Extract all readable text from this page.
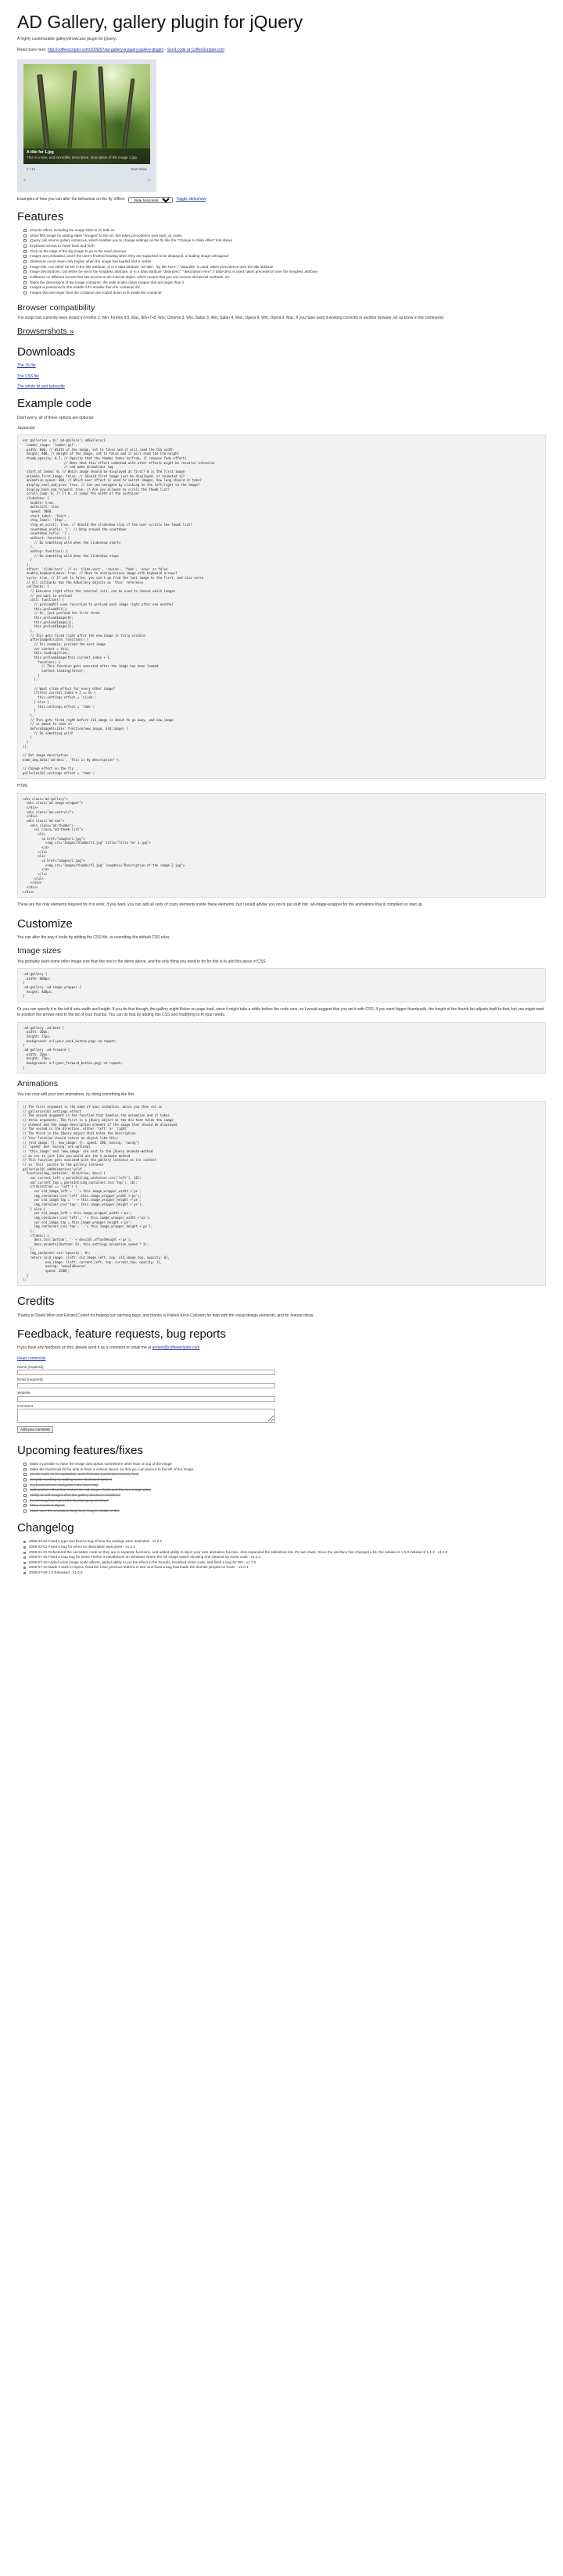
AD Gallery, gallery plugin for jQuery

A highly customizable gallery/showcase plugin for jQuery.

Read more here: http://coffeescripter.com/2009/07/ad-gallery-a-jquery-gallery-plugin/ - Send code at CoffeeScripter.com

A title for 1.jpg
This is a nice, and incredibly descriptive, description of the image 1.jpg
1 / 16	Start Slide
«	»
Examples of how you can alter the behaviour on the fly: Effect:
Slide horizontal	Toggle slideshow
Features
Choose effect, including the image slide to on hide in!
Show fifth image by adding slash "/images" to the url, this takes precedence over start_at_index
jQuery call returns gallery instances, which enables you to change settings on the fly like the "Change to Slide effect" link above
Keyboard arrows to move back and forth
Click on the edge of the big image to go to the next/ previous
Images are preloaded, and if the user's finished loading when they are supposed to be displayed, a loading image will appear
Slideshow count-down only begins when the image has loaded and is visible
Image title, can either be set in the title attribute, or in a data attribute "ad-title", "by title here" / "data-title" is used, takes precedence over the title attribute
Image descriptions, can either be set in the longdesc attribute, or in a data attribute "data-desc", "description here"; if data-desc is used, takes precedence over the longdesc attribute
Callbacks on different events that has access to the internal object, which means that you can access all internal methods, etc
Takes the dimensions of the image container: the wide scales down images that are larger than it
Images is positioned in the middle if it's smaller than the container div
Images that are larger than the container are scaled down to fit inside the container
Browser compatibility

The script has currently been tested in Firefox 3, Win, Firefox 3.5, Mac, IE6+7+8, Win, Chrome 3, Win, Safari 3, Win, Safari 4, Mac, Opera 9, Win, Opera 9, Mac. If you have used it working correctly in another browser, let us know in the comments!

Browsershots »
Downloads

The JS file

The CSS file

The whole kit and kaboodle

Example code

Don't worry, all of these options are optional.

Javascript

var galleries = $('.ad-gallery').adGallery({
loader_image: 'loader.gif',
width: 600, // Width of the image, set to false and it will read the CSS width
height: 400, // Height of the image, set to false and it will read the CSS height
thumb_opacity: 0.7, // Opacity that the thumbs fades to/from, (1 removes fade effect)
// Note that this effect combined with other effects might be resource intensive
// and make animations lag
start_at_index: 0, // Which image should be displayed at first? 0 is the first image
animate_first_image: false, // Should first image just be displayed, or animated in?
animation_speed: 400, // Which ever effect is used to switch images, how long should it take?
display_next_and_prev: true, // Can you navigate by clicking on the left/right on the image?
display_back_and_forward: true, // Are you allowed to scroll the thumb list?
scroll_jump: 0, // If 0, it jumps the width of the container
slideshow: {
enable: true,
autostart: true,
speed: 5000,
start_label: 'Start',
stop_label: 'Stop',
stop_on_scroll: true, // Should the slideshow stop if the user scrolls the thumb list?
countdown_prefix: '(', // Wrap around the countdown
countdown_sufix: ')',
onStart: function() {
// Do something wild when the slideshow starts
},
onStop: function() {
// Do something wild when the slideshow stops
}
},
effect: 'slide-hori', // or 'slide-vert', 'resize', 'fade', 'none' or false
enable_keyboard_move: true, // Move to next/previous image with keyboard arrows?
cycle: true, // If set to false, you can't go from the last image to the first, and vice versa
// All callbacks has the AdGallery objects as 'this' reference
callbacks: {
// Executes right after the internal init, can be used to choose which images
// you want to preload
init: function() {
// preloadAll uses recursion to preload each image right after one another
this.preloadAll();
// Or, just preload the first three
this.preloadImage(0);
this.preloadImage(1);
this.preloadImage(2);
},
// This gets fired right after the new_image is fully visible
afterImageVisible: function() {
// For example, preload the next image
var context = this;
this.loading(true);
this.preloadImage(this.current_index + 1,
function() {
// This function gets executed after the image has been loaded
context.loading(false);
}
);

// Want slide effect for every other image?
if(this.current_index % 2 == 0) {
this.settings.effect = 'slide';
} else {
this.settings.effect = 'fade';
}
},
// This gets fired right before old_image is about to go away, and new_image
// is about to come in
beforeImageVisible: function(new_image, old_image) {
// Do something wild!
}
}
});

// Set image description
some_img.data('ad-desc', 'This is my description!');

// Change effect on the fly
galleries[0].settings.effect = 'fade';

HTML

<div class="ad-gallery">
<div class="ad-image-wrapper">
</div>
<div class="ad-controls">
</div>
<div class="ad-nav">
<div class="ad-thumbs">
<ul class="ad-thumb-list">
<li>
<a href="images/1.jpg">
<img src="images/thumbs/t1.jpg" title="Title for 1.jpg">
</a>
</li>
<li>
<a href="images/2.jpg">
<img src="images/thumbs/t2.jpg" longdesc="Description of the image 2.jpg">
</a>
</li>
</ul>
</div>
</div>
</div>

These are the only elements required for it to work. If you want, you can add all sorts of crazy elements inside these elements, but I would advise you not to put stuff into .ad-image-wrapper for the animations that is compiled on start up.

Customize

You can alter the way it looks by adding the CSS file, or overriding the default CSS rules.

Image sizes

You probably want some other image size than the one in the demo above, and the only thing you need to do for this is to add this piece of CSS.

.ad-gallery {
width: 600px;
}
.ad-gallery .ad-image-wrapper {
height: 400px;
}

Or you can specify it in the init'd sets width and height. If you do that though, the gallery might flicker on page load, since it might take a while before the code runs, so I would suggest that you set it with CSS. If you want bigger thumbnails, the height of the thumb list adjusts itself to that, but you might want to position the arrows next to the list of your thumbs. You can do that by adding this CSS and modifying to fit your needs.

.ad-gallery .ad-back {
width: 20px;
height: 72px;
background: url(your_back_button.png) no-repeat;
}
.ad-gallery .ad-forward {
width: 20px;
height: 72px;
background: url(your_forward_button.png) no-repeat;
}
Animations

You can now add your own animations, by doing something like this.

// The first argument is the name of your animation, which you then set in
// galleries[0].settings.effect
// The second argument is the function that handles the animation and it takes
// three arguments. The first is a jQuery object as the div that holds the image
// element and the image description element if the image that should be displayed
// The second is the direction, either 'left' or 'right'
// The third is the jQuery object that holds the description
// Your function should return an object like this:
// {old_image: {}, new_image: {}, speed: 200, easing: 'swing'}
// 'speed' and 'easing' are optional
// 'this_image' and 'new_image' are sent to the jQuery animate-method
// as css to just like you would use the $.animate method
// This function gets executed with the gallery instance as its context
// so 'this' points to the gallery instance
galleries[0].addAnimation('wild',
function(img_container, direction, desc) {
var current_left = parseInt(img_container.css('left'), 10);
var current_top = parseInt(img_container.css('top'), 10);
if(direction == 'left') {
var old_image_left = '-'+ this.image_wrapper_width +'px';
img_container.css('left',this.image_wrapper_width +'px');
var old_image_top = '-'+ this.image_wrapper_height +'px';
img_container.css('top', this.image_wrapper_height +'px');
} else {
var old_image_left = this.image_wrapper_width +'px';
img_container.css('left','-'+ this.image_wrapper_width +'px');
var old_image_top = this.image_wrapper_height +'px';
img_container.css('top', '-'+ this.image_wrapper_height +'px');
};
if(desc) {
desc.css('bottom', '-'+ desc[0].offsetHeight +'px');
desc.animate({bottom: 0}, this.settings.animation_speed * 2);
};
img_container.css('opacity', 0);
return {old_image: {left: old_image_left, top: old_image_top, opacity: 0},
new_image: {left: current_left, top: current_top, opacity: 1},
easing: 'easeInBounce',
speed: 2500};
}
);
Credits

Thanks to David Winn and Edvard Cedert for helping out catching bugs, and thanks to Patrick Kock-Carlsson for help with the visual design elements, and for feature ideas.

Feedback, feature requests, bug reports

If you have any feedback on this, please send it as a comment or email me at anders@coffeescripter.com

Read comments

Name (required)
Email (required)
Website
Comment
Add your comment
Upcoming features/fixes
Make it possible to have the image description somewhere other than on top of the image
Make the thumbnail list be able to have a vertical layout, so that you can place it to the left of the image
Fix the code so it's updatable, and eliminate a potential memory leak
Simplify scrolling by adding some dedicated options
Keyboard arrows navigation now have stop
Add another effect that makes the old image shrink and the new image grow
Ability to add images after the gallery has been initialized
Fix the bug that makes the thumbs jump on hover
Make it work in Opera
Make sure the animation loop keep images visible in IE6
Changelog
2009-02-02 Fixed a typo and fixed a bug of how the settings were extended - v1.2.2
2009-02-01 Fixed a bug for when no description was given - v1.2.1
2009-01-31 Refactored the animation code so they are in separate functions, and added ability to inject your own animation function. Also expanded the slideshow into it's own class. Since the interface has changed a bit, the release is 1.2.0 instead of 1.1.2 - v1.2.0
2009-07-26 Fixed a loop bug for some Firefox 3 installations on Windows where the full image wasn't showing and cleaned up some code - v1.1.1
2009-07-18 Added a few image scale effects, added ability to put the effect in the thumbs, breathed some code, and fixed a bug for IE6 - v1.1.0
2009-07-10 Made it work in Opera, fixed the next/ previous buttons in IE8, and fixed a bug that made the thumbs jumped on hover - v1.0.1
2009-07-09 1.0 Released - v1.0.0
